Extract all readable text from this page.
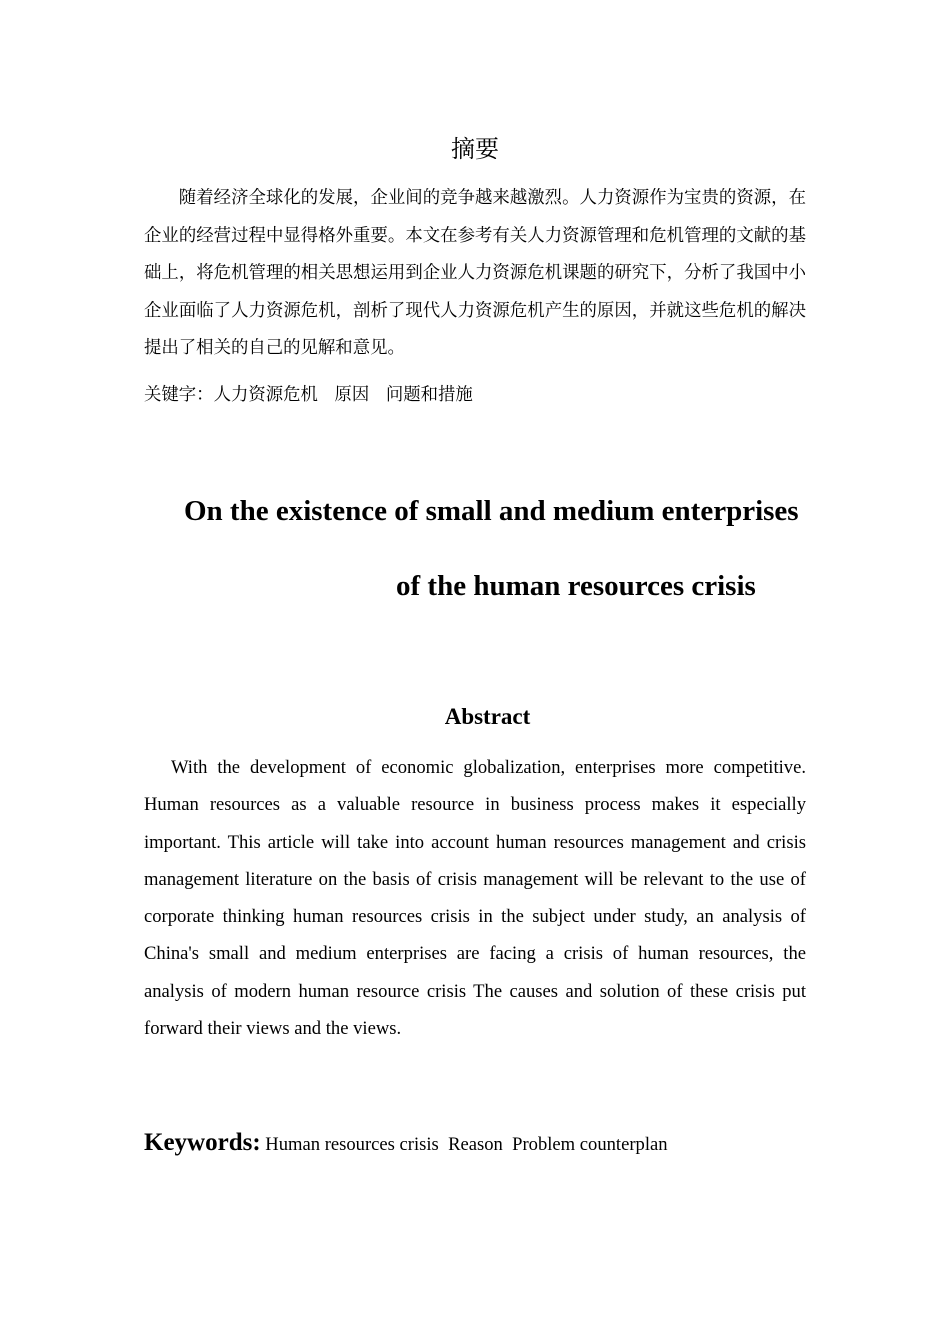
摘要

随着经济全球化的发展，企业间的竞争越来越激烈。人力资源作为宝贵的资源，在企业的经营过程中显得格外重要。本文在参考有关人力资源管理和危机管理的文献的基础上，将危机管理的相关思想运用到企业人力资源危机课题的研究下，分析了我国中小企业面临了人力资源危机，剖析了现代人力资源危机产生的原因，并就这些危机的解决提出了相关的自己的见解和意见。

关键字：人力资源危机   原因   问题和措施
On the existence of small and medium enterprises
of the human resources crisis
Abstract

With the development of economic globalization, enterprises more competitive. Human resources as a valuable resource in business process makes it especially important. This article will take into account human resources management and crisis management literature on the basis of crisis management will be relevant to the use of corporate thinking human resources crisis in the subject under study, an analysis of China's small and medium enterprises are facing a crisis of human resources, the analysis of modern human resource crisis The causes and solution of these crisis put forward their views and the views.

Keywords: Human resources crisis  Reason  Problem counterplan
